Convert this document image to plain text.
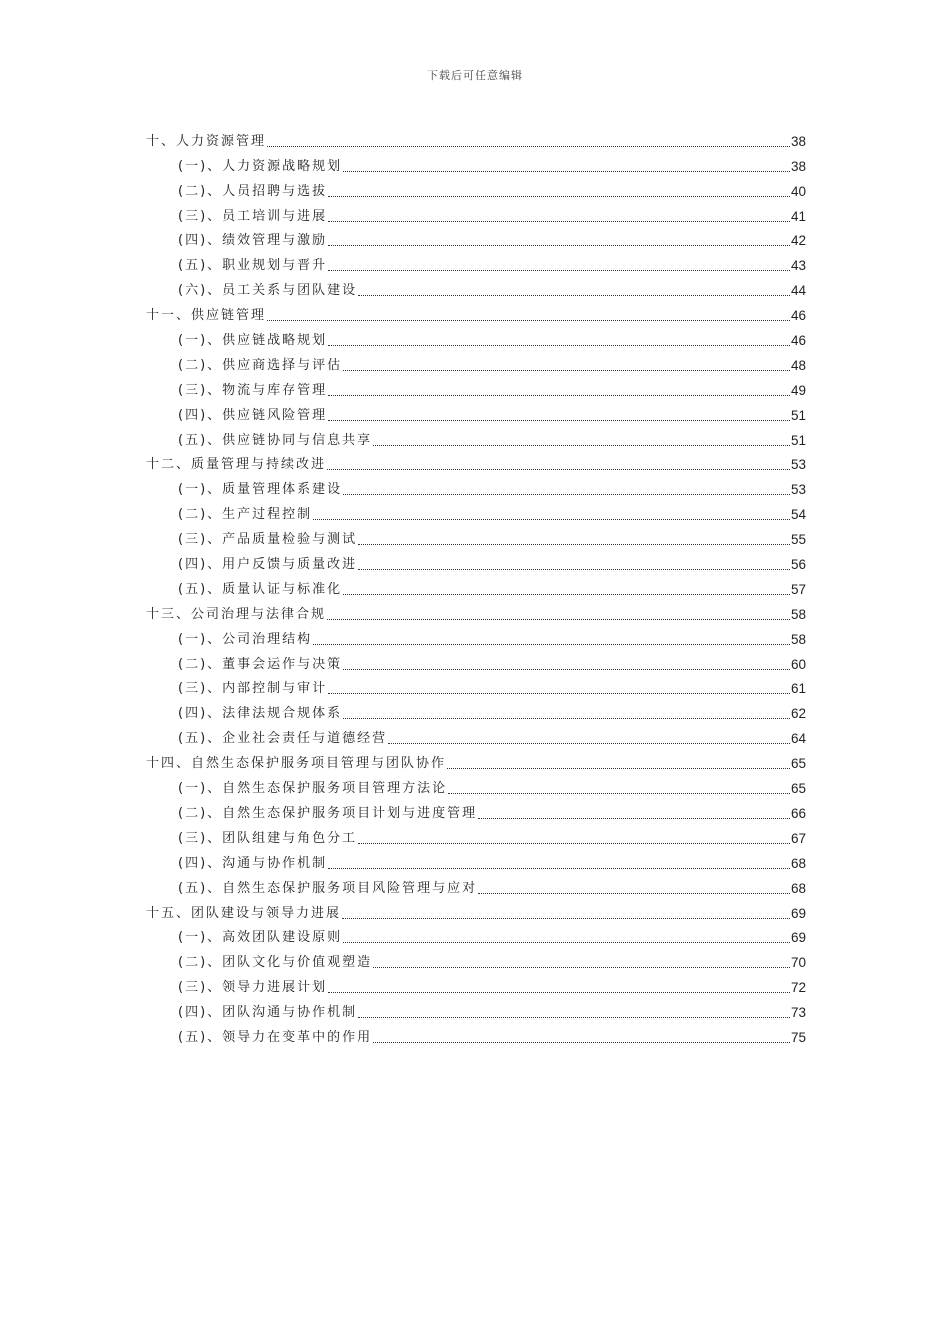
下载后可任意编辑
十、人力资源管理	38
(一)、人力资源战略规划	38
(二)、人员招聘与选拔	40
(三)、员工培训与进展	41
(四)、绩效管理与激励	42
(五)、职业规划与晋升	43
(六)、员工关系与团队建设	44
十一、供应链管理	46
(一)、供应链战略规划	46
(二)、供应商选择与评估	48
(三)、物流与库存管理	49
(四)、供应链风险管理	51
(五)、供应链协同与信息共享	51
十二、质量管理与持续改进	53
(一)、质量管理体系建设	53
(二)、生产过程控制	54
(三)、产品质量检验与测试	55
(四)、用户反馈与质量改进	56
(五)、质量认证与标准化	57
十三、公司治理与法律合规	58
(一)、公司治理结构	58
(二)、董事会运作与决策	60
(三)、内部控制与审计	61
(四)、法律法规合规体系	62
(五)、企业社会责任与道德经营	64
十四、自然生态保护服务项目管理与团队协作	65
(一)、自然生态保护服务项目管理方法论	65
(二)、自然生态保护服务项目计划与进度管理	66
(三)、团队组建与角色分工	67
(四)、沟通与协作机制	68
(五)、自然生态保护服务项目风险管理与应对	68
十五、团队建设与领导力进展	69
(一)、高效团队建设原则	69
(二)、团队文化与价值观塑造	70
(三)、领导力进展计划	72
(四)、团队沟通与协作机制	73
(五)、领导力在变革中的作用	75
